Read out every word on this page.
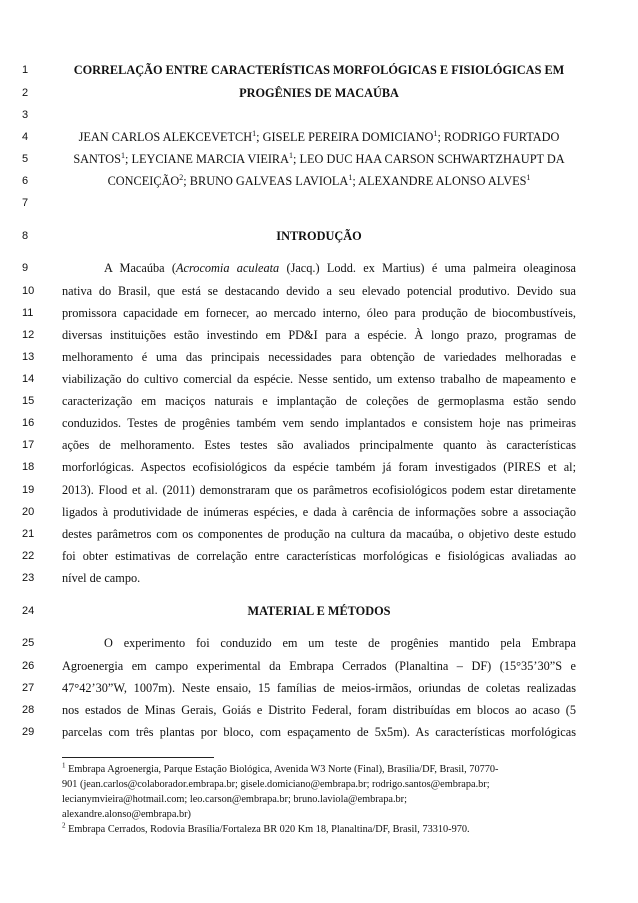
1
2
3
4
5
6
7
8
9
10
11
12
13
14
15
16
17
18
19
20
21
22
23
24
25
26
27
28
29
CORRELAÇÃO ENTRE CARACTERÍSTICAS MORFOLÓGICAS E FISIOLÓGICAS EM
PROGÊNIES DE MACAÚBA
JEAN CARLOS ALEKCEVETCH$^1$; GISELE PEREIRA DOMICIANO$^1$; RODRIGO FURTADO
SANTOS$^1$; LEYCIANE MARCIA VIEIRA$^1$; LEO DUC HAA CARSON SCHWARTZHAUPT DA
CONCEIÇÃO$^2$; BRUNO GALVEAS LAVIOLA$^1$; ALEXANDRE ALONSO ALVES$^1$
INTRODUÇÃO
A Macaúba (Acrocomia aculeata (Jacq.) Lodd. ex Martius) é uma palmeira oleaginosa
nativa do Brasil, que está se destacando devido a seu elevado potencial produtivo. Devido sua
promissora capacidade em fornecer, ao mercado interno, óleo para produção de biocombustíveis,
diversas instituições estão investindo em PD&I para a espécie. À longo prazo, programas de
melhoramento é uma das principais necessidades para obtenção de variedades melhoradas e
viabilização do cultivo comercial da espécie. Nesse sentido, um extenso trabalho de mapeamento e
caracterização em maciços naturais e implantação de coleções de germoplasma estão sendo
conduzidos. Testes de progênies também vem sendo implantados e consistem hoje nas primeiras
ações de melhoramento. Estes testes são avaliados principalmente quanto às características
morforlógicas. Aspectos ecofisiológicos da espécie também já foram investigados (PIRES et al;
2013). Flood et al. (2011) demonstraram que os parâmetros ecofisiológicos podem estar diretamente
ligados à produtividade de inúmeras espécies, e dada à carência de informações sobre a associação
destes parâmetros com os componentes de produção na cultura da macaúba, o objetivo deste estudo
foi obter estimativas de correlação entre características morfológicas e fisiológicas avaliadas ao
nível de campo.
MATERIAL E MÉTODOS
O experimento foi conduzido em um teste de progênies mantido pela Embrapa
Agroenergia em campo experimental da Embrapa Cerrados (Planaltina – DF) (15°35’30”S e
47°42’30”W, 1007m). Neste ensaio, 15 famílias de meios-irmãos, oriundas de coletas realizadas
nos estados de Minas Gerais, Goiás e Distrito Federal, foram distribuídas em blocos ao acaso (5
parcelas com três plantas por bloco, com espaçamento de 5x5m). As características morfológicas
$^1$ Embrapa Agroenergia, Parque Estação Biológica, Avenida W3 Norte (Final), Brasília/DF, Brasil, 70770-
901 (jean.carlos@colaborador.embrapa.br; gisele.domiciano@embrapa.br; rodrigo.santos@embrapa.br;
lecianymvieira@hotmail.com; leo.carson@embrapa.br; bruno.laviola@embrapa.br;
alexandre.alonso@embrapa.br)
$^2$ Embrapa Cerrados, Rodovia Brasília/Fortaleza BR 020 Km 18, Planaltina/DF, Brasil, 73310-970.
